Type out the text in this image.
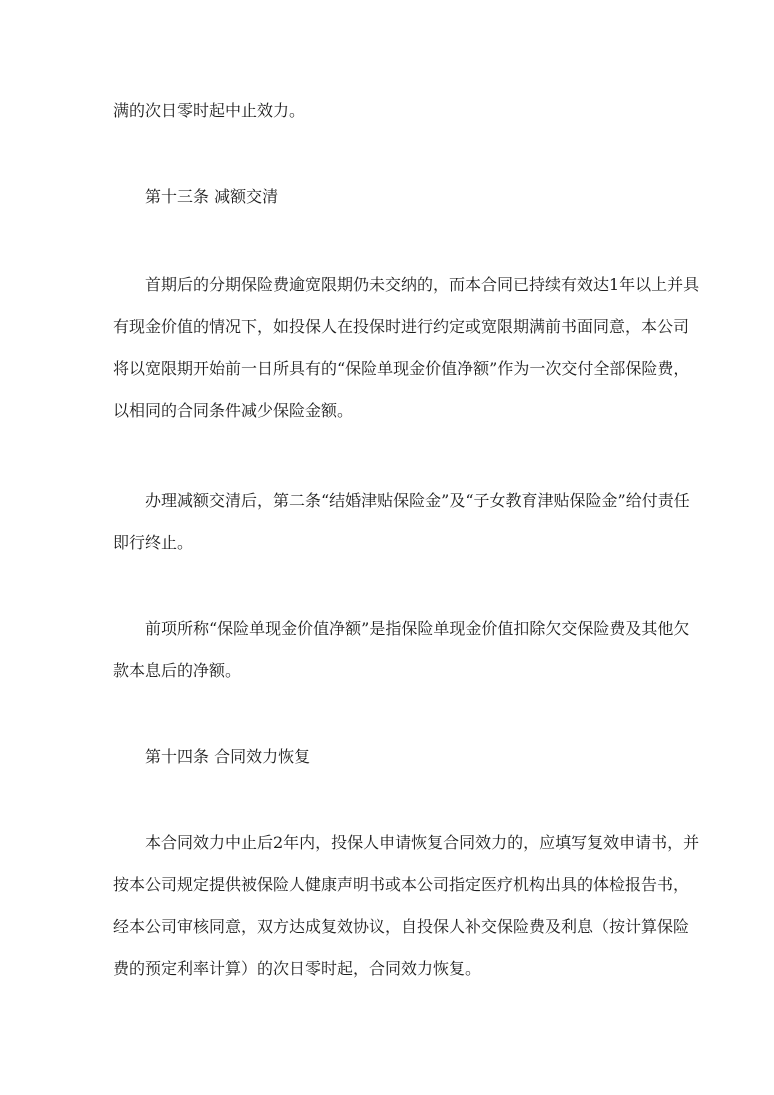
满的次日零时起中止效力。
第十三条 减额交清
首期后的分期保险费逾宽限期仍未交纳的，而本合同已持续有效达1年以上并具
有现金价值的情况下，如投保人在投保时进行约定或宽限期满前书面同意，本公司
将以宽限期开始前一日所具有的“保险单现金价值净额”作为一次交付全部保险费，
以相同的合同条件减少保险金额。
办理减额交清后，第二条“结婚津贴保险金”及“子女教育津贴保险金”给付责任
即行终止。
前项所称“保险单现金价值净额”是指保险单现金价值扣除欠交保险费及其他欠
款本息后的净额。
第十四条 合同效力恢复
本合同效力中止后2年内，投保人申请恢复合同效力的，应填写复效申请书，并
按本公司规定提供被保险人健康声明书或本公司指定医疗机构出具的体检报告书，
经本公司审核同意，双方达成复效协议，自投保人补交保险费及利息（按计算保险
费的预定利率计算）的次日零时起，合同效力恢复。
